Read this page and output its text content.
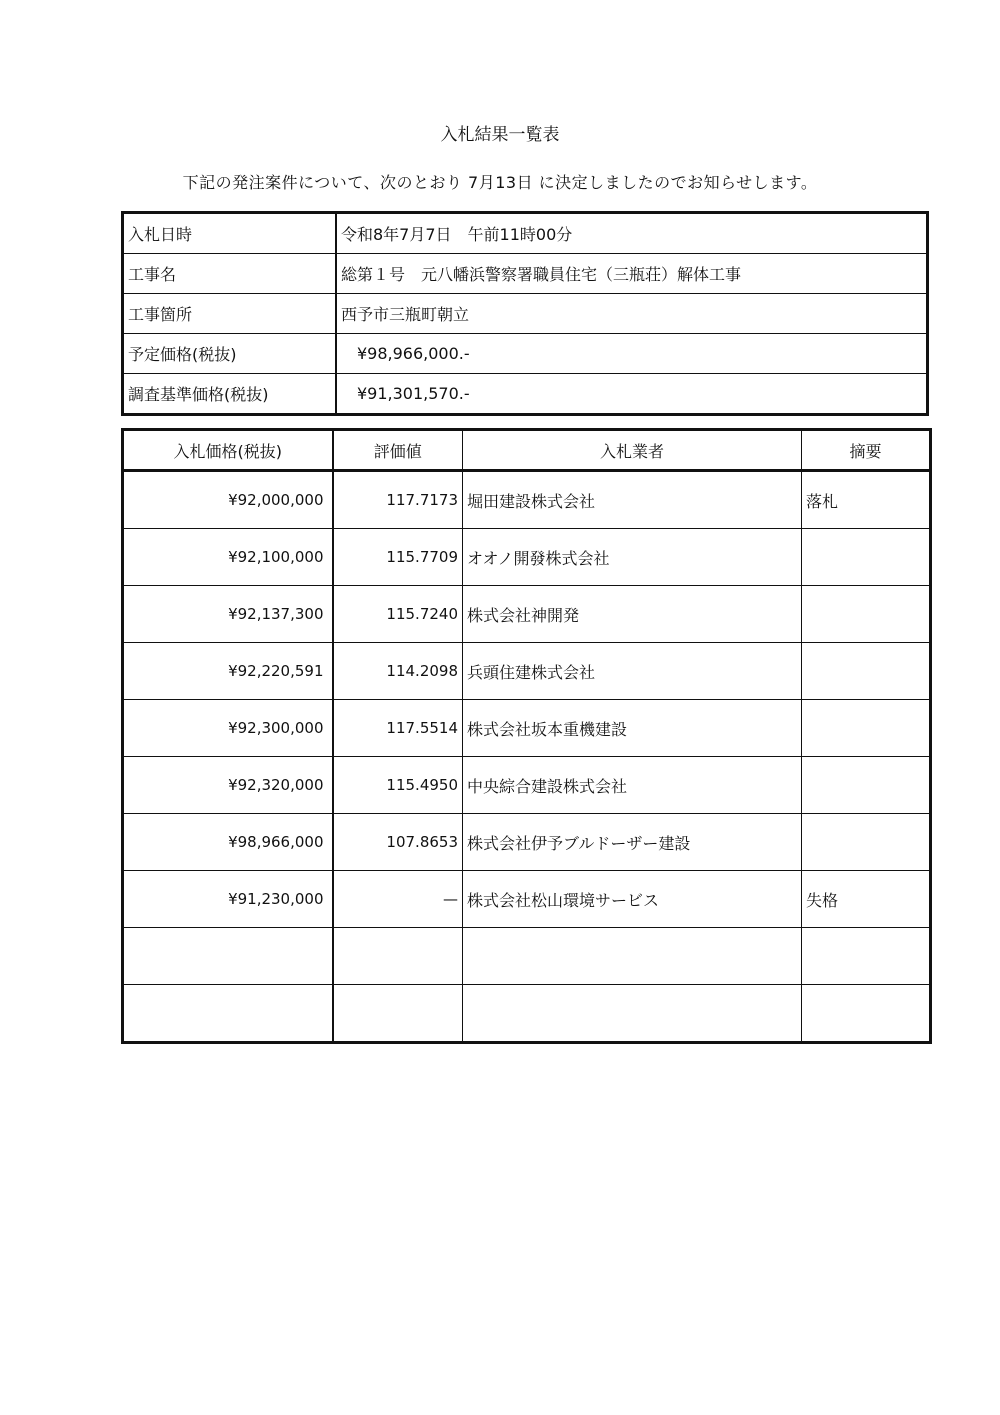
入札結果一覧表
下記の発注案件について、次のとおり 7月13日 に決定しましたのでお知らせします。
入札日時	令和8年7月7日　午前11時00分
工事名	総第１号　元八幡浜警察署職員住宅（三瓶荘）解体工事
工事箇所	西予市三瓶町朝立
予定価格(税抜)	¥98,966,000.-
調査基準価格(税抜)	¥91,301,570.-
入札価格(税抜)	評価値	入札業者	摘要
¥92,000,000	117.7173	堀田建設株式会社	落札
¥92,100,000	115.7709	オオノ開發株式会社	
¥92,137,300	115.7240	株式会社神開発	
¥92,220,591	114.2098	兵頭住建株式会社	
¥92,300,000	117.5514	株式会社坂本重機建設	
¥92,320,000	115.4950	中央綜合建設株式会社	
¥98,966,000	107.8653	株式会社伊予ブルドーザー建設	
¥91,230,000	—	株式会社松山環境サービス	失格
